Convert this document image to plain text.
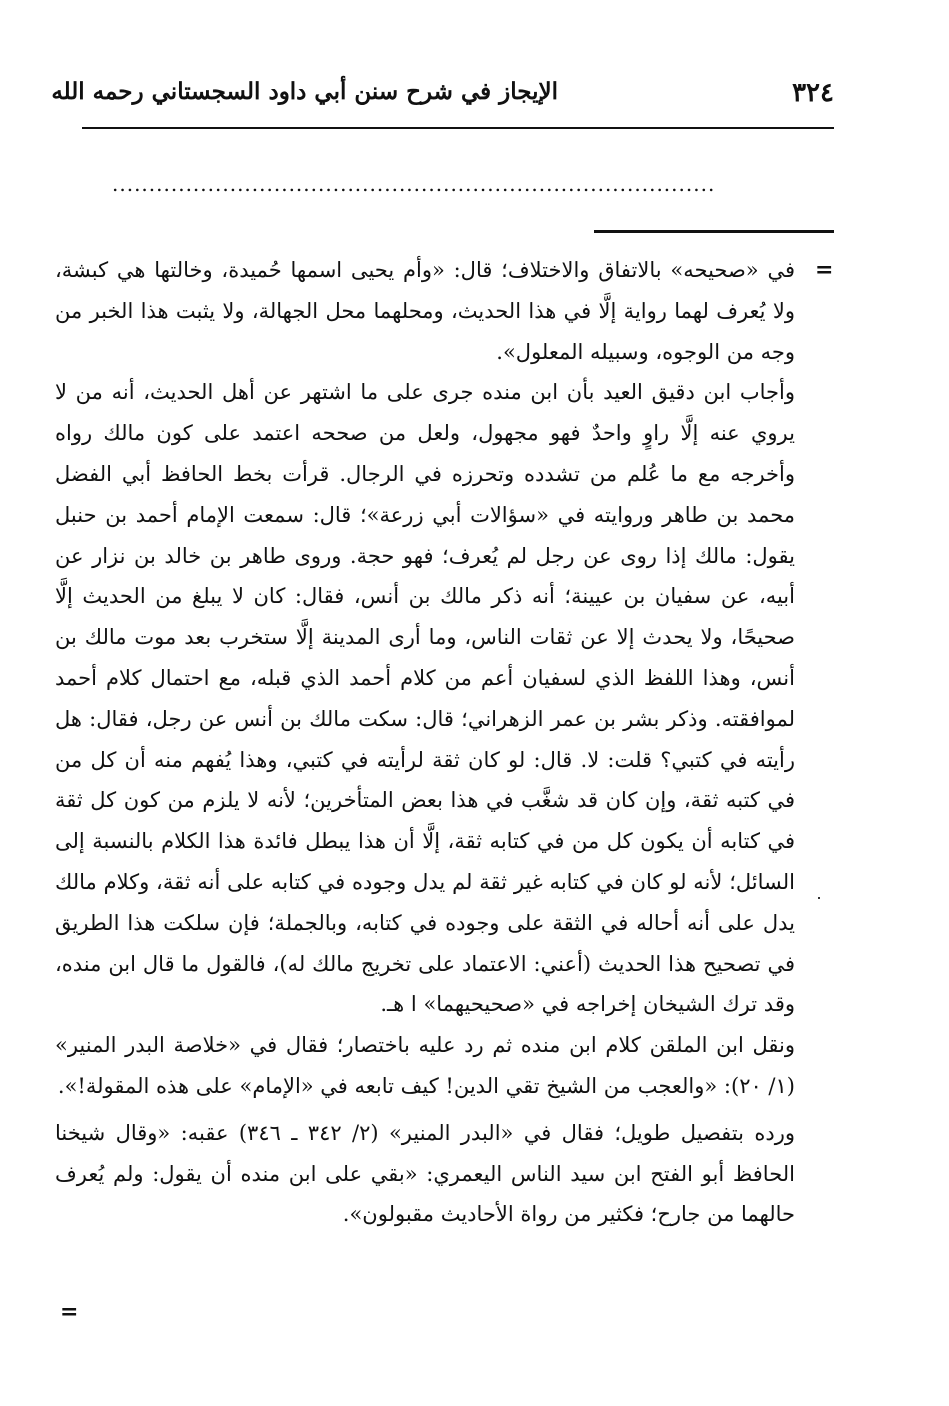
٣٢٤
الإيجاز في شرح سنن أبي داود السجستاني رحمه الله
..................................................................................
=

في «صحيحه» بالاتفاق والاختلاف؛ قال: «وأم يحيى اسمها حُميدة، وخالتها هي كبشة، ولا يُعرف لهما رواية إلَّا في هذا الحديث، ومحلهما محل الجهالة، ولا يثبت هذا الخبر من وجه من الوجوه، وسبيله المعلول».

وأجاب ابن دقيق العيد بأن ابن منده جرى على ما اشتهر عن أهل الحديث، أنه من لا يروي عنه إلَّا راوٍ واحدٌ فهو مجهول، ولعل من صححه اعتمد على كون مالك رواه وأخرجه مع ما عُلم من تشدده وتحرزه في الرجال. قرأت بخط الحافظ أبي الفضل محمد بن طاهر وروايته في «سؤالات أبي زرعة»؛ قال: سمعت الإمام أحمد بن حنبل يقول: مالك إذا روى عن رجل لم يُعرف؛ فهو حجة. وروى طاهر بن خالد بن نزار عن أبيه، عن سفيان بن عيينة؛ أنه ذكر مالك بن أنس، فقال: كان لا يبلغ من الحديث إلَّا صحيحًا، ولا يحدث إلا عن ثقات الناس، وما أرى المدينة إلَّا ستخرب بعد موت مالك بن أنس، وهذا اللفظ الذي لسفيان أعم من كلام أحمد الذي قبله، مع احتمال كلام أحمد لموافقته. وذكر بشر بن عمر الزهراني؛ قال: سكت مالك بن أنس عن رجل، فقال: هل رأيته في كتبي؟ قلت: لا. قال: لو كان ثقة لرأيته في كتبي، وهذا يُفهم منه أن كل من في كتبه ثقة، وإن كان قد شغَّب في هذا بعض المتأخرين؛ لأنه لا يلزم من كون كل ثقة في كتابه أن يكون كل من في كتابه ثقة، إلَّا أن هذا يبطل فائدة هذا الكلام بالنسبة إلى السائل؛ لأنه لو كان في كتابه غير ثقة لم يدل وجوده في كتابه على أنه ثقة، وكلام مالك يدل على أنه أحاله في الثقة على وجوده في كتابه، وبالجملة؛ فإن سلكت هذا الطريق في تصحيح هذا الحديث (أعني: الاعتماد على تخريج مالك له)، فالقول ما قال ابن منده، وقد ترك الشيخان إخراجه في «صحيحيهما» ا هـ.

ونقل ابن الملقن كلام ابن منده ثم رد عليه باختصار؛ فقال في «خلاصة البدر المنير» (١/ ٢٠): «والعجب من الشيخ تقي الدين! كيف تابعه في «الإمام» على هذه المقولة!».

ورده بتفصيل طويل؛ فقال في «البدر المنير» (٢/ ٣٤٢ ـ ٣٤٦) عقبه: «وقال شيخنا الحافظ أبو الفتح ابن سيد الناس اليعمري: «بقي على ابن منده أن يقول: ولم يُعرف حالهما من جارح؛ فكثير من رواة الأحاديث مقبولون».

=
